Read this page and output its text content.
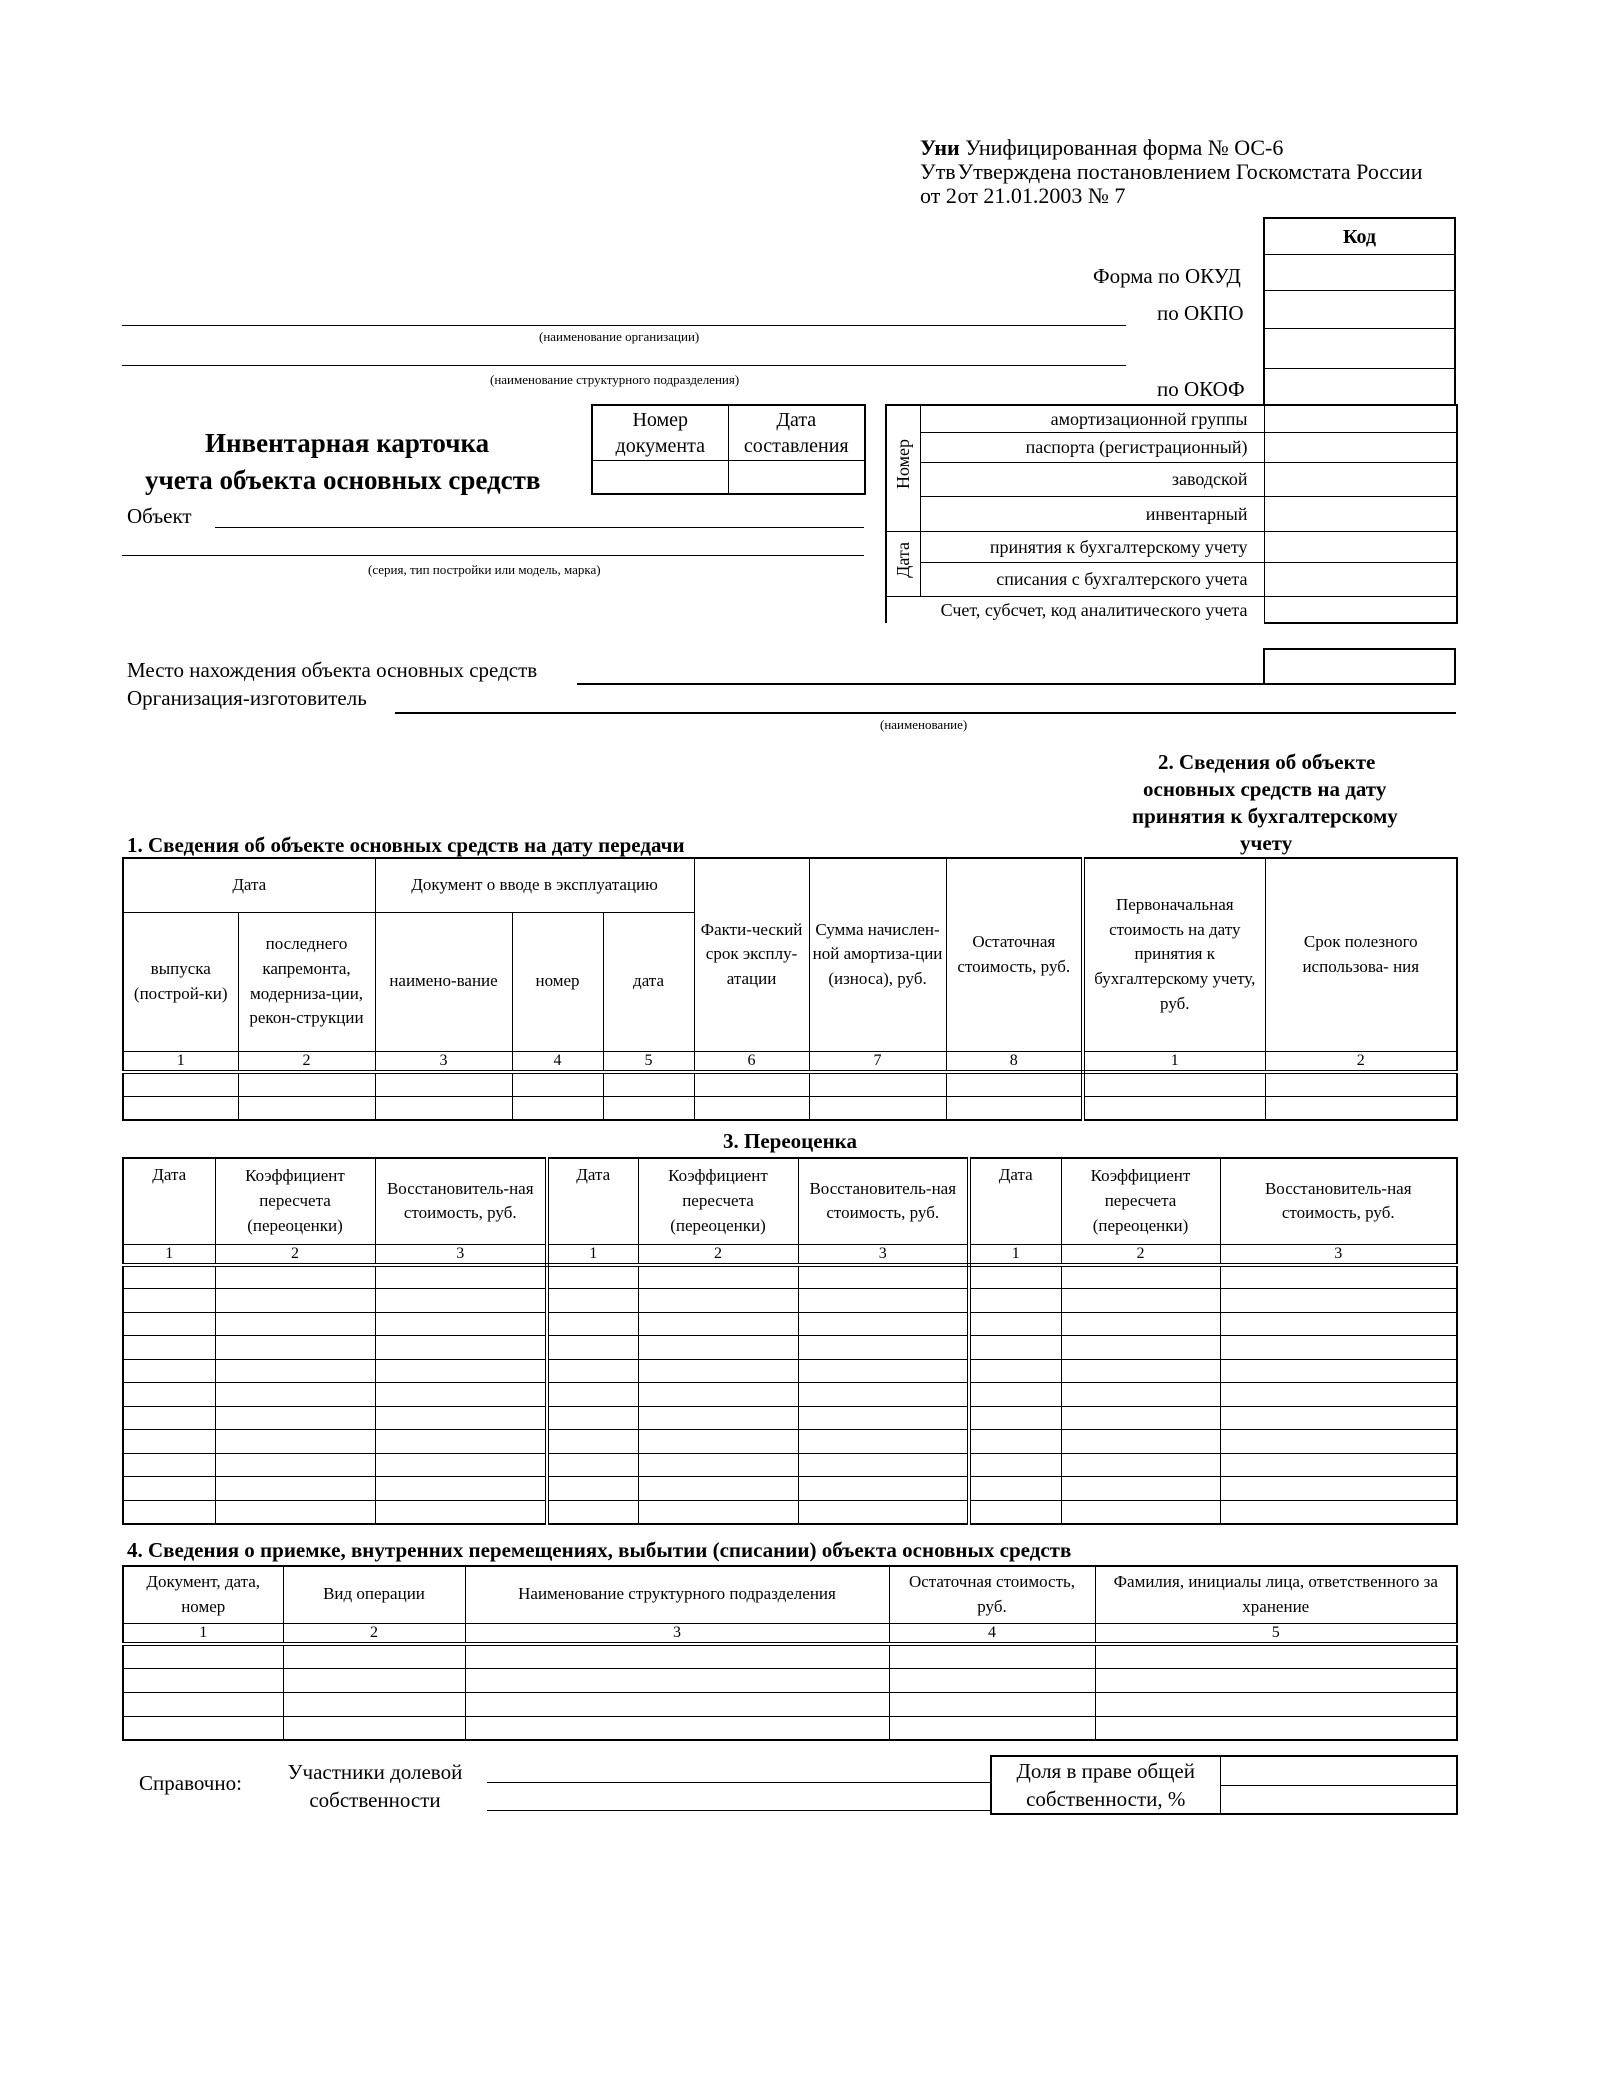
Уни Унифицированная форма № ОС-6
Утв Утверждена постановлением Госкомстата России
от 2 от 21.01.2003 № 7
Код
Форма по ОКУД
по ОКПО
по ОКОФ
(наименование организации)
(наименование структурного подразделения)
Инвентарная карточка
учета объекта основных средств
Объект
(серия, тип постройки или модель, марка)
Номер документа	Дата составления
	Номер	амортизационной группы	
	паспорта (регистрационный)	
	заводской	
	инвентарный	
Дата	принятия к бухгалтерскому учету	
	списания с бухгалтерского учета	
Счет, субсчет, код аналитического учета		
Место нахождения объекта основных средств
Организация-изготовитель
(наименование)
2. Сведения об объекте
основных средств на дату
принятия к бухгалтерскому
учету
1. Сведения об объекте основных средств на дату передачи
Дата		Документ о вводе в эксплуатацию			Факти-ческий срок эксплу-атации	Сумма начислен-ной амортиза-ции (износа), руб.	Остаточная стоимость, руб.	Первоначальная стоимость на дату принятия к бухгалтерскому учету, руб.	Срок полезного использова- ния
выпуска (построй-ки)	последнего капремонта, модерниза-ции, рекон-струкции	наимено-вание	номер	дата					
1	2	3	4	5	6	7	8	1	2

3. Переоценка
Дата	Коэффициент пересчета (переоценки)	Восстановитель-ная стоимость, руб.	Дата	Коэффициент пересчета (переоценки)	Восстановитель-ная стоимость, руб.	Дата	Коэффициент пересчета (переоценки)	Восстановитель-ная стоимость, руб.
1	2	3	1	2	3	1	2	3

4. Сведения о приемке, внутренних перемещениях, выбытии (списании) объекта основных средств
Документ, дата, номер	Вид операции	Наименование структурного подразделения	Остаточная стоимость, руб.	Фамилия, инициалы лица, ответственного за хранение
1	2	3	4	5

Справочно:	Участники долевой собственности
Доля в праве общей собственности, %	
